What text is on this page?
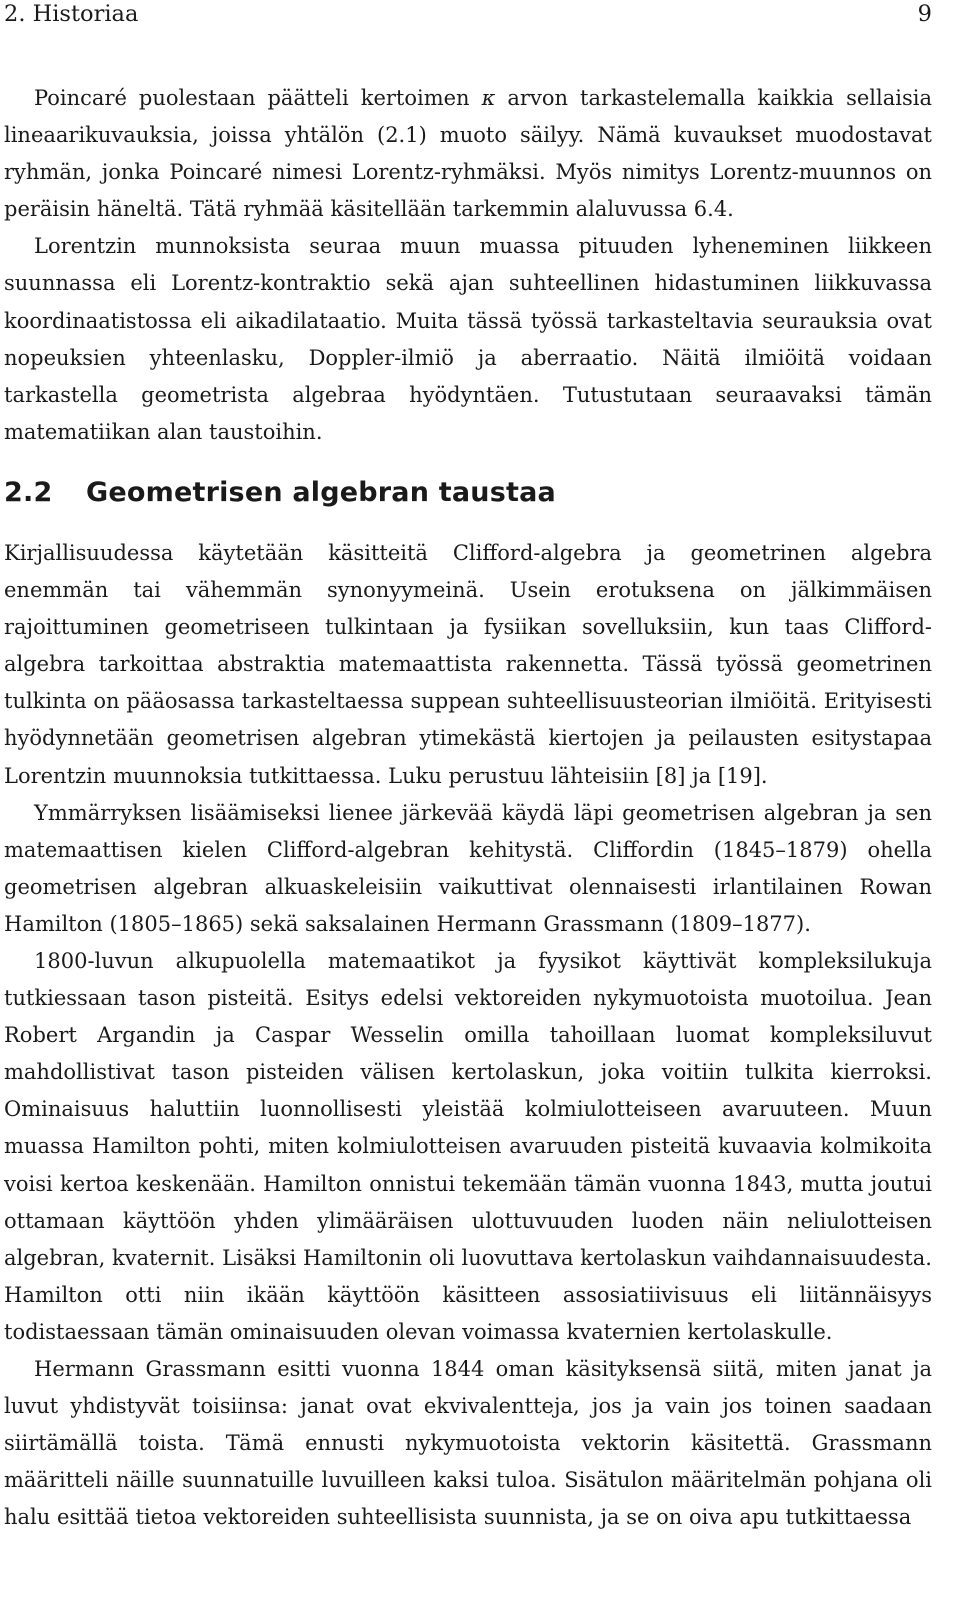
2. Historiaa	9

Poincaré puolestaan päätteli kertoimen κ arvon tarkastelemalla kaikkia sellaisia lineaarikuvauksia, joissa yhtälön (2.1) muoto säilyy. Nämä kuvaukset muodostavat ryhmän, jonka Poincaré nimesi Lorentz-ryhmäksi. Myös nimitys Lorentz-muunnos on peräisin häneltä. Tätä ryhmää käsitellään tarkemmin alaluvussa 6.4.

Lorentzin munnoksista seuraa muun muassa pituuden lyheneminen liikkeen suunnassa eli Lorentz-kontraktio sekä ajan suhteellinen hidastuminen liikkuvassa koordinaatistossa eli aikadilataatio. Muita tässä työssä tarkasteltavia seurauksia ovat nopeuksien yhteenlasku, Doppler-ilmiö ja aberraatio. Näitä ilmiöitä voidaan tarkastella geometrista algebraa hyödyntäen. Tutustutaan seuraavaksi tämän matematiikan alan taustoihin.

2.2 Geometrisen algebran taustaa

Kirjallisuudessa käytetään käsitteitä Clifford-algebra ja geometrinen algebra enemmän tai vähemmän synonyymeinä. Usein erotuksena on jälkimmäisen rajoittuminen geometriseen tulkintaan ja fysiikan sovelluksiin, kun taas Clifford-algebra tarkoittaa abstraktia matemaattista rakennetta. Tässä työssä geometrinen tulkinta on pääosassa tarkasteltaessa suppean suhteellisuusteorian ilmiöitä. Erityisesti hyödynnetään geometrisen algebran ytimekästä kiertojen ja peilausten esitystapaa Lorentzin muunnoksia tutkittaessa. Luku perustuu lähteisiin [8] ja [19].

Ymmärryksen lisäämiseksi lienee järkevää käydä läpi geometrisen algebran ja sen matemaattisen kielen Clifford-algebran kehitystä. Cliffordin (1845–1879) ohella geometrisen algebran alkuaskeleisiin vaikuttivat olennaisesti irlantilainen Rowan Hamilton (1805–1865) sekä saksalainen Hermann Grassmann (1809–1877).

1800-luvun alkupuolella matemaatikot ja fyysikot käyttivät kompleksilukuja tutkiessaan tason pisteitä. Esitys edelsi vektoreiden nykymuotoista muotoilua. Jean Robert Argandin ja Caspar Wesselin omilla tahoillaan luomat kompleksiluvut mahdollistivat tason pisteiden välisen kertolaskun, joka voitiin tulkita kierroksi. Ominaisuus haluttiin luonnollisesti yleistää kolmiulotteiseen avaruuteen. Muun muassa Hamilton pohti, miten kolmiulotteisen avaruuden pisteitä kuvaavia kolmikoita voisi kertoa keskenään. Hamilton onnistui tekemään tämän vuonna 1843, mutta joutui ottamaan käyttöön yhden ylimääräisen ulottuvuuden luoden näin neliulotteisen algebran, kvaternit. Lisäksi Hamiltonin oli luovuttava kertolaskun vaihdannaisuudesta. Hamilton otti niin ikään käyttöön käsitteen assosiatiivisuus eli liitännäisyys todistaessaan tämän ominaisuuden olevan voimassa kvaternien kertolaskulle.

Hermann Grassmann esitti vuonna 1844 oman käsityksensä siitä, miten janat ja luvut yhdistyvät toisiinsa: janat ovat ekvivalentteja, jos ja vain jos toinen saadaan siirtämällä toista. Tämä ennusti nykymuotoista vektorin käsitettä. Grassmann määritteli näille suunnatuille luvuilleen kaksi tuloa. Sisätulon määritelmän pohjana oli halu esittää tietoa vektoreiden suhteellisista suunnista, ja se on oiva apu tutkittaessa
